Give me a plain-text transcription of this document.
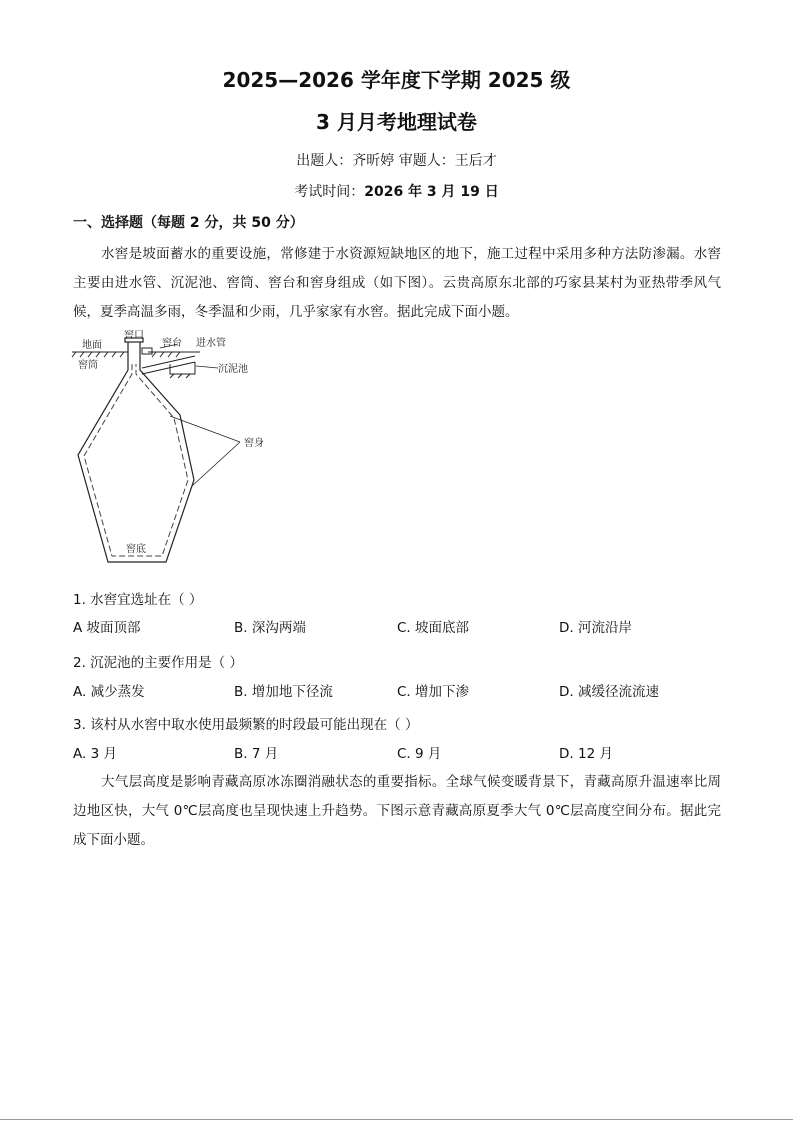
2025—2026 学年度下学期 2025 级
3 月月考地理试卷
出题人：齐昕婷 审题人：王后才
考试时间：2026 年 3 月 19 日
一、选择题（每题 2 分，共 50 分）
水窖是坡面蓄水的重要设施，常修建于水资源短缺地区的地下，施工过程中采用多种方法防渗漏。水窖主要由进水管、沉泥池、窖筒、窖台和窖身组成（如下图）。云贵高原东北部的巧家县某村为亚热带季风气候，夏季高温多雨，冬季温和少雨，几乎家家有水窖。据此完成下面小题。
地面
窖口
窖台 进水管
窖筒	沉泥池
窖身
窖底
1. 水窖宜选址在（ ）
A 坡面顶部	B. 深沟两端	C. 坡面底部	D. 河流沿岸
2. 沉泥池的主要作用是（ ）
A. 减少蒸发	B. 增加地下径流	C. 增加下渗	D. 减缓径流流速
3. 该村从水窖中取水使用最频繁的时段最可能出现在（ ）
A. 3 月	B. 7 月	C. 9 月	D. 12 月
大气层高度是影响青藏高原冰冻圈消融状态的重要指标。全球气候变暖背景下，青藏高原升温速率比周边地区快，大气 0℃层高度也呈现快速上升趋势。下图示意青藏高原夏季大气 0℃层高度空间分布。据此完成下面小题。
